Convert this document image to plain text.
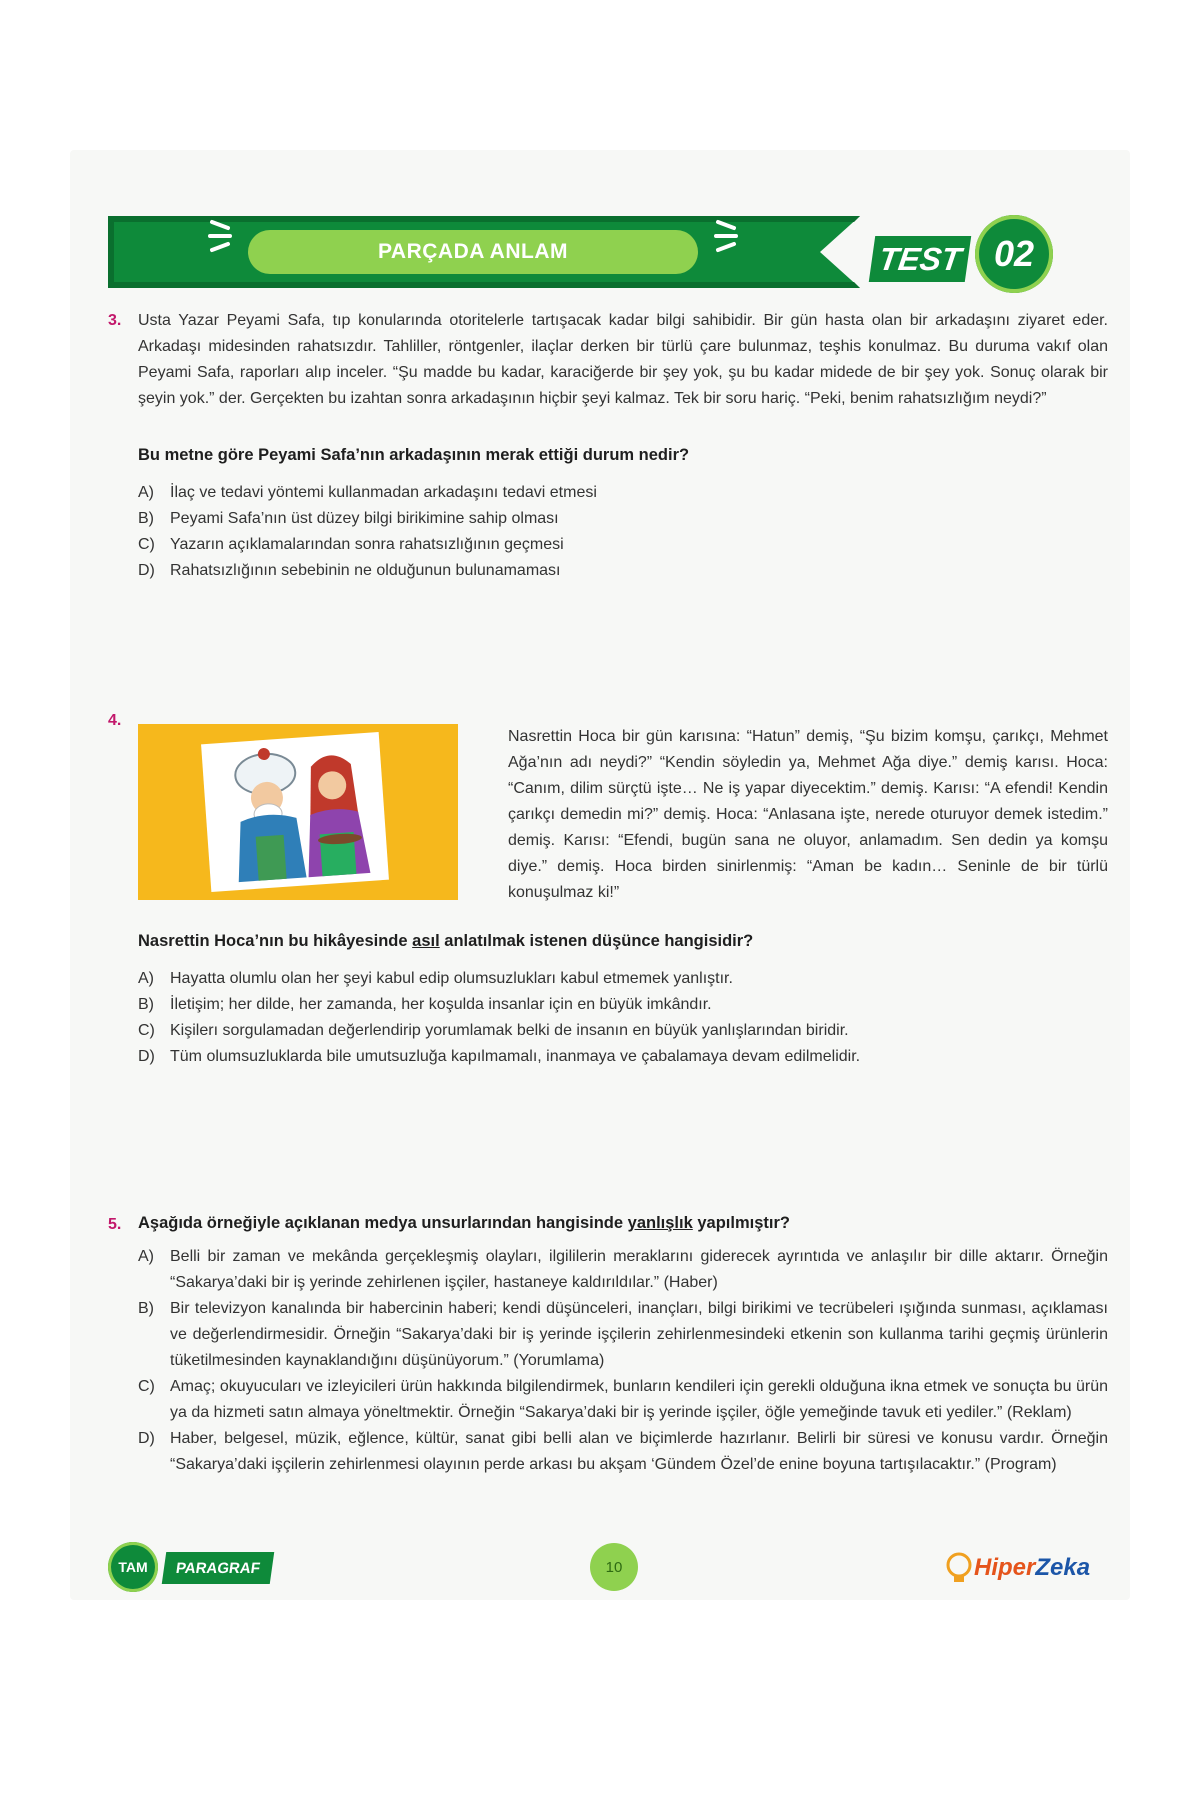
PARÇADA ANLAM	TEST 02
3. Usta Yazar Peyami Safa, tıp konularında otoritelerle tartışacak kadar bilgi sahibidir. Bir gün hasta olan bir arkadaşını ziyaret eder. Arkadaşı midesinden rahatsızdır. Tahliller, röntgenler, ilaçlar derken bir türlü çare bulunmaz, teşhis konulmaz. Bu duruma vakıf olan Peyami Safa, raporları alıp inceler. “Şu madde bu kadar, karaciğerde bir şey yok, şu bu kadar midede de bir şey yok. Sonuç olarak bir şeyin yok.” der. Gerçekten bu izahtan sonra arkadaşının hiçbir şeyi kalmaz. Tek bir soru hariç. “Peki, benim rahatsızlığım neydi?”

Bu metne göre Peyami Safa’nın arkadaşının merak ettiği durum nedir?
A)	İlaç ve tedavi yöntemi kullanmadan arkadaşını tedavi etmesi
B)	Peyami Safa’nın üst düzey bilgi birikimine sahip olması
C) Yazarın açıklamalarından sonra rahatsızlığının geçmesi
D) Rahatsızlığının sebebinin ne olduğunun bulunamaması
4.

Nasrettin Hoca bir gün karısına: “Hatun” demiş, “Şu bizim komşu, çarıkçı, Mehmet Ağa’nın adı neydi?” “Kendin söyledin ya, Mehmet Ağa diye.” demiş karısı. Hoca: “Canım, dilim sürçtü işte… Ne iş yapar diyecektim.” demiş. Karısı: “A efendi! Kendin çarıkçı demedin mi?” demiş. Hoca: “Anlasana işte, nerede oturuyor demek istedim.” demiş. Karısı: “Efendi, bugün sana ne oluyor, anlamadım. Sen dedin ya komşu diye.” demiş. Hoca birden sinirlenmiş: “Aman be kadın… Seninle de bir türlü konuşulmaz ki!”

Nasrettin Hoca’nın bu hikâyesinde asıl anlatılmak istenen düşünce hangisidir?
A)	Hayatta olumlu olan her şeyi kabul edip olumsuzlukları kabul etmemek yanlıştır.
B)	İletişim; her dilde, her zamanda, her koşulda insanlar için en büyük imkândır.
C) Kişilerı sorgulamadan değerlendirip yorumlamak belki de insanın en büyük yanlışlarından biridir.
D) Tüm olumsuzluklarda bile umutsuzluğa kapılmamalı, inanmaya ve çabalamaya devam edilmelidir.
5. Aşağıda örneğiyle açıklanan medya unsurlarından hangisinde yanlışlık yapılmıştır?
A)	Belli bir zaman ve mekânda gerçekleşmiş olayları, ilgililerin meraklarını giderecek ayrıntıda ve anlaşılır bir dille aktarır. Örneğin “Sakarya’daki bir iş yerinde zehirlenen işçiler, hastaneye kaldırıldılar.” (Haber)
B)	Bir televizyon kanalında bir habercinin haberi; kendi düşünceleri, inançları, bilgi birikimi ve tecrübeleri ışığında sunması, açıklaması ve değerlendirmesidir. Örneğin “Sakarya’daki bir iş yerinde işçilerin zehirlenmesindeki etkenin son kullanma tarihi geçmiş ürünlerin tüketilmesinden kaynaklandığını düşünüyorum.” (Yorumlama)
C) Amaç; okuyucuları ve izleyicileri ürün hakkında bilgilendirmek, bunların kendileri için gerekli olduğuna ikna etmek ve sonuçta bu ürün ya da hizmeti satın almaya yöneltmektir. Örneğin “Sakarya’daki bir iş yerinde işçiler, öğle yemeğinde tavuk eti yediler.” (Reklam)
D) Haber, belgesel, müzik, eğlence, kültür, sanat gibi belli alan ve biçimlerde hazırlanır. Belirli bir süresi ve konusu vardır. Örneğin “Sakarya’daki işçilerin zehirlenmesi olayının perde arkası bu akşam ‘Gündem Özel’de enine boyuna tartışılacaktır.” (Program)
TAM	PARAGRAF	10	Hiper Zeka
